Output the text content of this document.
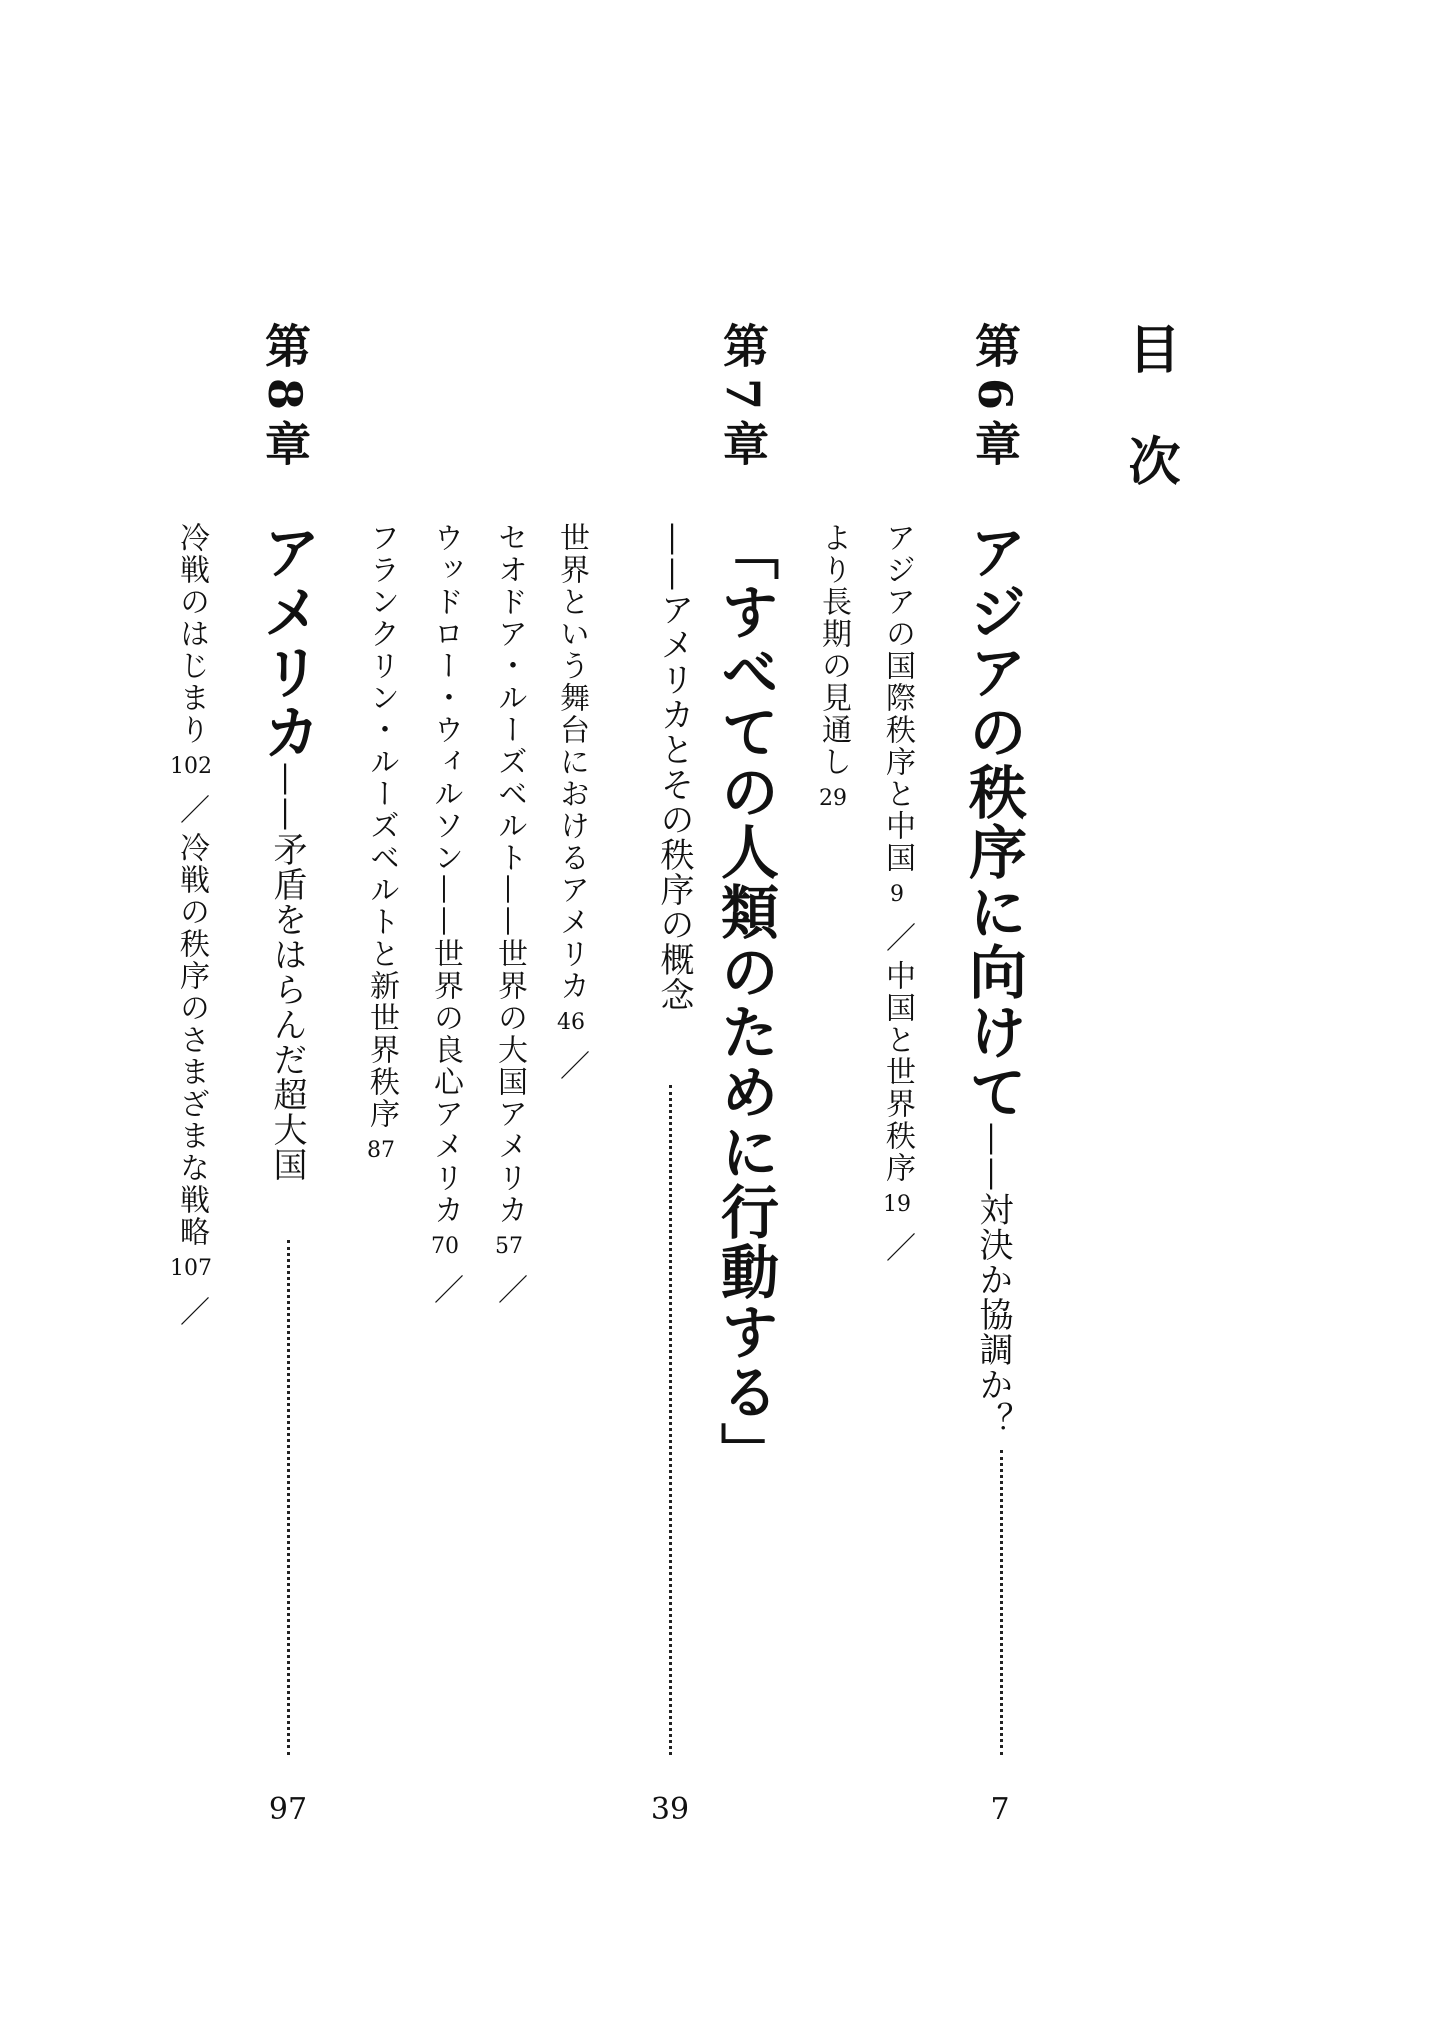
目次
第6章
アジアの秩序に向けて——対決か協調か？
7
アジアの国際秩序と中国9／中国と世界秩序19／
より長期の見通し29
第7章
「すべての人類のために行動する」
——アメリカとその秩序の概念
39
世界という舞台におけるアメリカ46／
セオドア・ルーズベルト——世界の大国アメリカ57／
ウッドロー・ウィルソン——世界の良心アメリカ70／
フランクリン・ルーズベルトと新世界秩序87
第8章
アメリカ——矛盾をはらんだ超大国
97
冷戦のはじまり102／冷戦の秩序のさまざまな戦略107／
